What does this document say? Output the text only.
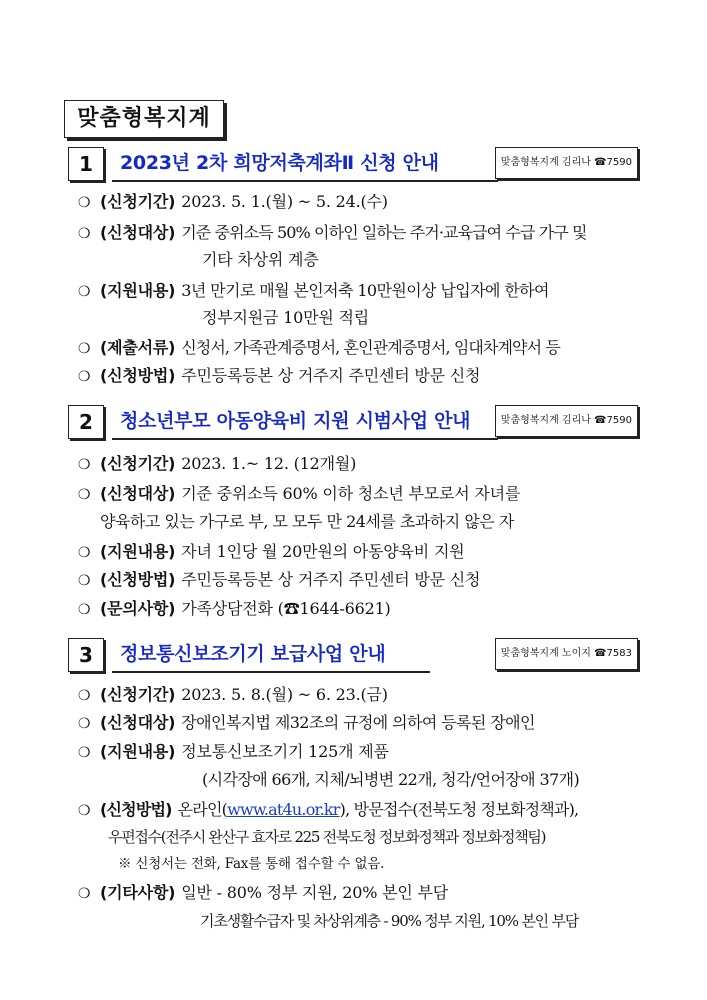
맞춤형복지계
1	2023년 2차 희망저축계좌Ⅱ 신청 안내	맞춤형복지계 김리나 ☎7590
❍ (신청기간) 2023. 5. 1.(월) ~ 5. 24.(수)
❍ (신청대상) 기준 중위소득 50% 이하인 일하는 주거·교육급여 수급 가구 및
기타 차상위 계층
❍ (지원내용) 3년 만기로 매월 본인저축 10만원이상 납입자에 한하여
정부지원금 10만원 적립
❍ (제출서류) 신청서, 가족관계증명서, 혼인관계증명서, 임대차계약서 등
❍ (신청방법) 주민등록등본 상 거주지 주민센터 방문 신청
2	청소년부모 아동양육비 지원 시범사업 안내	맞춤형복지계 김리나 ☎7590
❍ (신청기간) 2023. 1.~ 12. (12개월)
❍ (신청대상) 기준 중위소득 60% 이하 청소년 부모로서 자녀를
양육하고 있는 가구로 부, 모 모두 만 24세를 초과하지 않은 자
❍ (지원내용) 자녀 1인당 월 20만원의 아동양육비 지원
❍ (신청방법) 주민등록등본 상 거주지 주민센터 방문 신청
❍ (문의사항) 가족상담전화 (☎1644-6621)
3	정보통신보조기기 보급사업 안내	맞춤형복지계 노이지 ☎7583
❍ (신청기간) 2023. 5. 8.(월) ~ 6. 23.(금)
❍ (신청대상) 장애인복지법 제32조의 규정에 의하여 등록된 장애인
❍ (지원내용) 정보통신보조기기 125개 제품
(시각장애 66개, 지체/뇌병변 22개, 청각/언어장애 37개)
❍ (신청방법) 온라인(www.at4u.or.kr), 방문접수(전북도청 정보화정책과),
우편접수(전주시 완산구 효자로 225 전북도청 정보화정책과 정보화정책팀)
※ 신청서는 전화, Fax를 통해 접수할 수 없음.
❍ (기타사항) 일반 - 80% 정부 지원, 20% 본인 부담
기초생활수급자 및 차상위계층 - 90% 정부 지원, 10% 본인 부담
